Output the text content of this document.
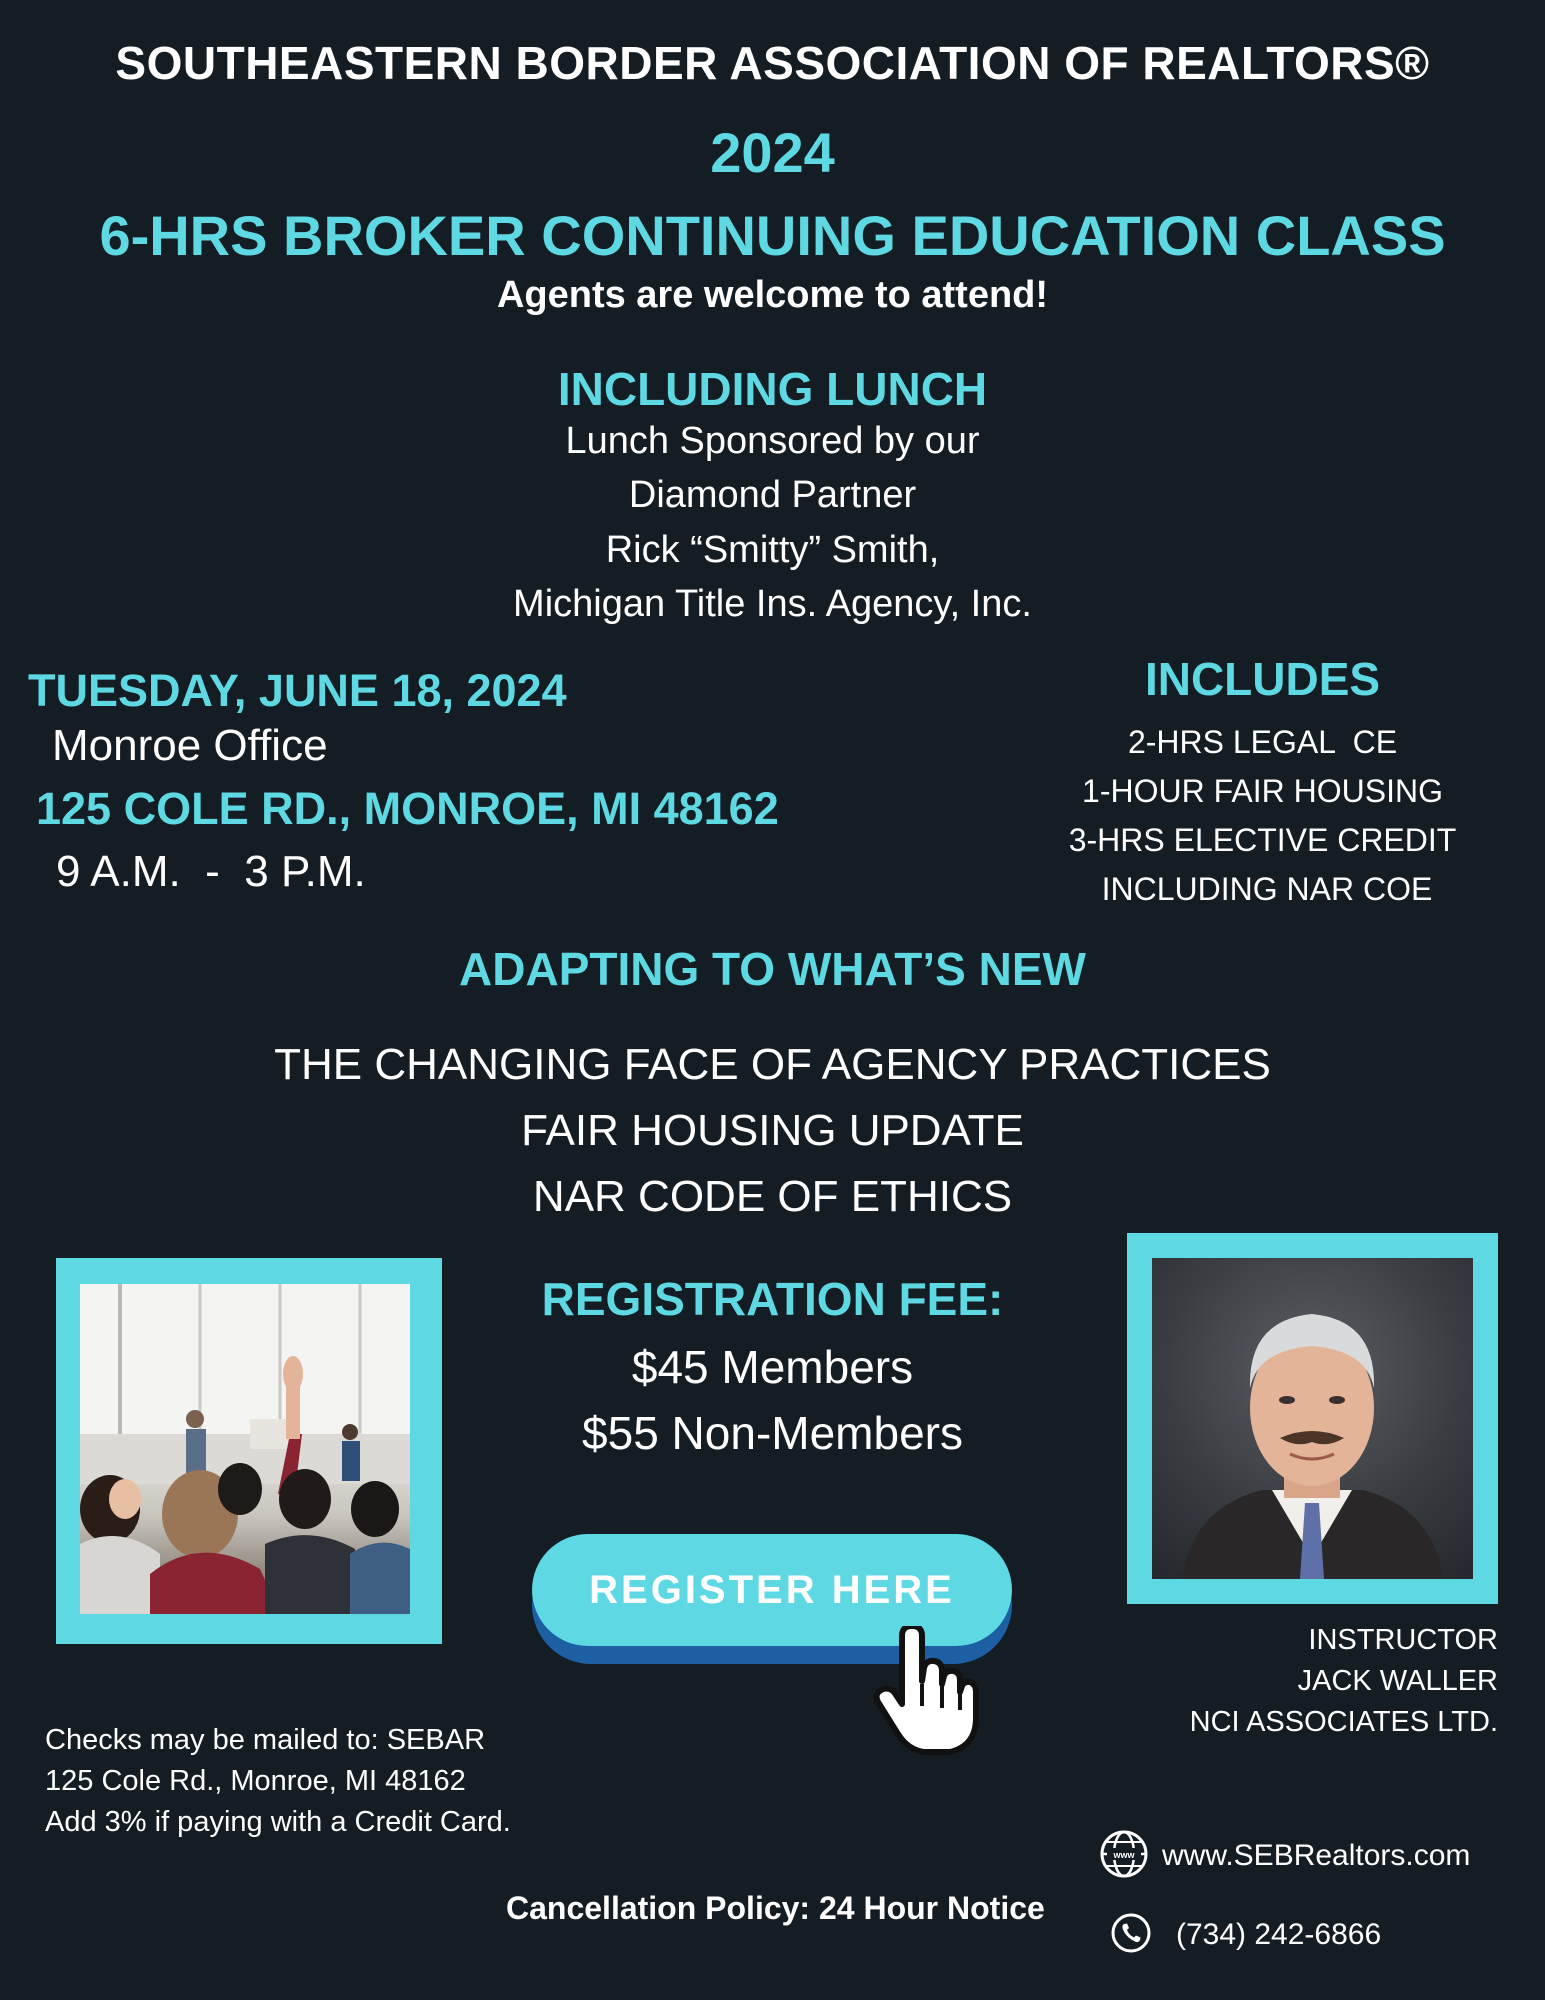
SOUTHEASTERN BORDER ASSOCIATION OF REALTORS®
2024
6-HRS BROKER CONTINUING EDUCATION CLASS
Agents are welcome to attend!
INCLUDING LUNCH
Lunch Sponsored by our
Diamond Partner
Rick “Smitty” Smith,
Michigan Title Ins. Agency, Inc.
TUESDAY, JUNE 18, 2024
Monroe Office
125 COLE RD., MONROE, MI 48162
9 A.M.  -  3 P.M.
INCLUDES
2-HRS LEGAL  CE
1-HOUR FAIR HOUSING
3-HRS ELECTIVE CREDIT
INCLUDING NAR COE
ADAPTING TO WHAT’S NEW
THE CHANGING FACE OF AGENCY PRACTICES
FAIR HOUSING UPDATE
NAR CODE OF ETHICS
REGISTRATION FEE:
$45 Members
$55 Non-Members
REGISTER HERE
INSTRUCTOR
JACK WALLER
NCI ASSOCIATES LTD.
Checks may be mailed to: SEBAR
125 Cole Rd., Monroe, MI 48162
Add 3% if paying with a Credit Card.
Cancellation Policy: 24 Hour Notice
www www.SEBRealtors.com
(734) 242-6866
